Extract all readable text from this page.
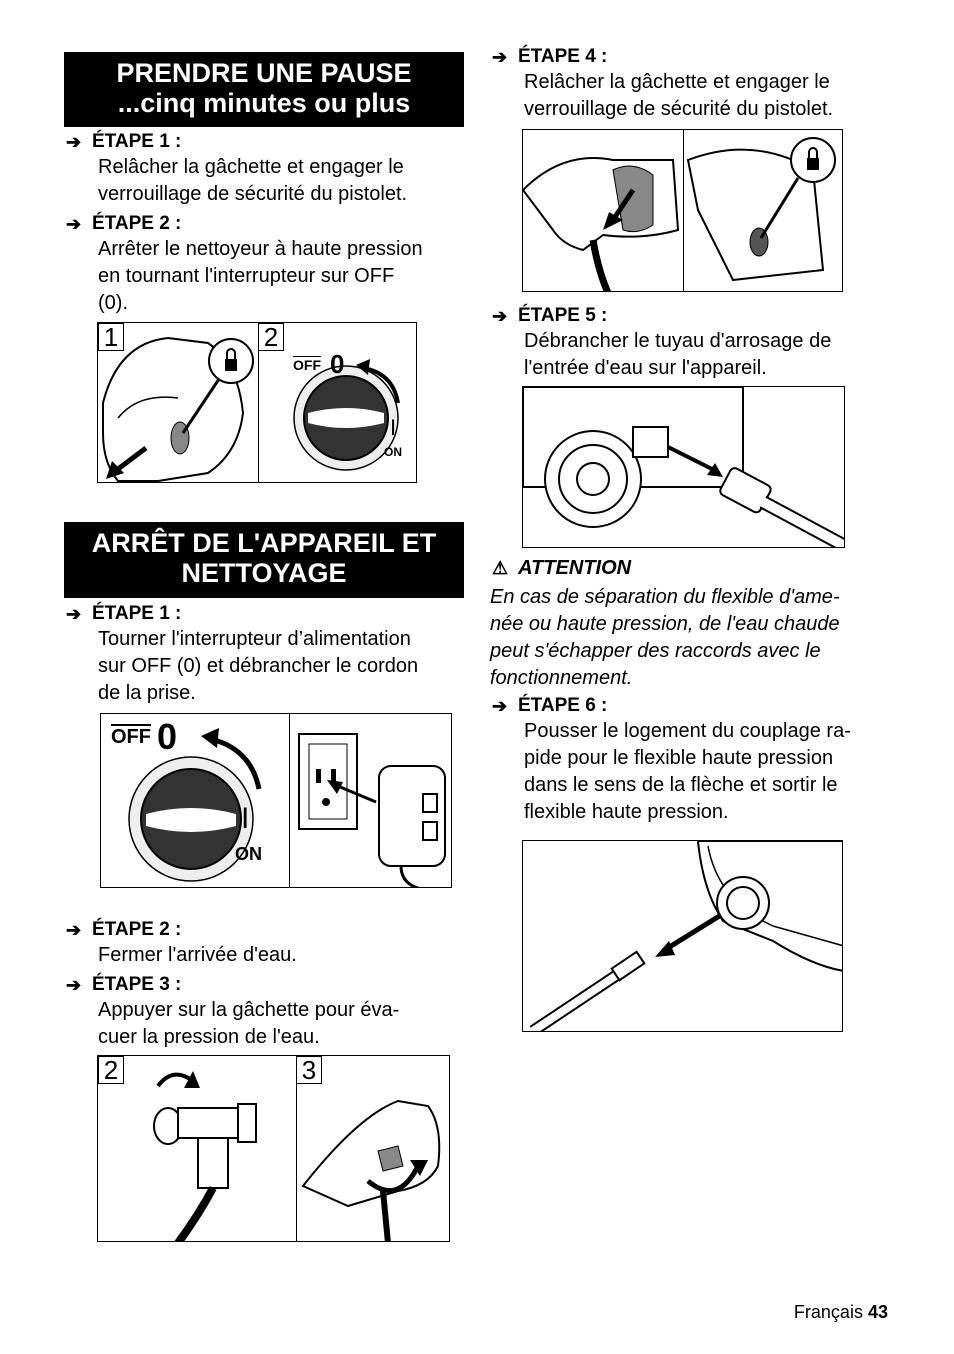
PRENDRE UNE PAUSE
...cinq minutes ou plus
➔ ÉTAPE 1 :
Relâcher la gâchette et engager le
verrouillage de sécurité du pistolet.
➔ ÉTAPE 2 :
Arrêter le nettoyeur à haute pression
en tournant l'interrupteur sur OFF
(0).
1	2
$\overline{OFF}$ 0
I
ON
ARRÊT DE L'APPAREIL ET
NETTOYAGE
➔ ÉTAPE 1 :
Tourner l'interrupteur d’alimentation
sur OFF (0) et débrancher le cordon
de la prise.
$\overline{OFF}$ 0
I
ON
➔ ÉTAPE 2 :
Fermer l'arrivée d'eau.
➔ ÉTAPE 3 :
Appuyer sur la gâchette pour éva-
cuer la pression de l'eau.
2	3
➔ ÉTAPE 4 :
Relâcher la gâchette et engager le
verrouillage de sécurité du pistolet.
➔ ÉTAPE 5 :
Débrancher le tuyau d'arrosage de
l'entrée d'eau sur l'appareil.
⚠ ATTENTION
En cas de séparation du flexible d'ame-
née ou haute pression, de l'eau chaude
peut s'échapper des raccords avec le
fonctionnement.
➔ ÉTAPE 6 :
Pousser le logement du couplage ra-
pide pour le flexible haute pression
dans le sens de la flèche et sortir le
flexible haute pression.
Français 43
